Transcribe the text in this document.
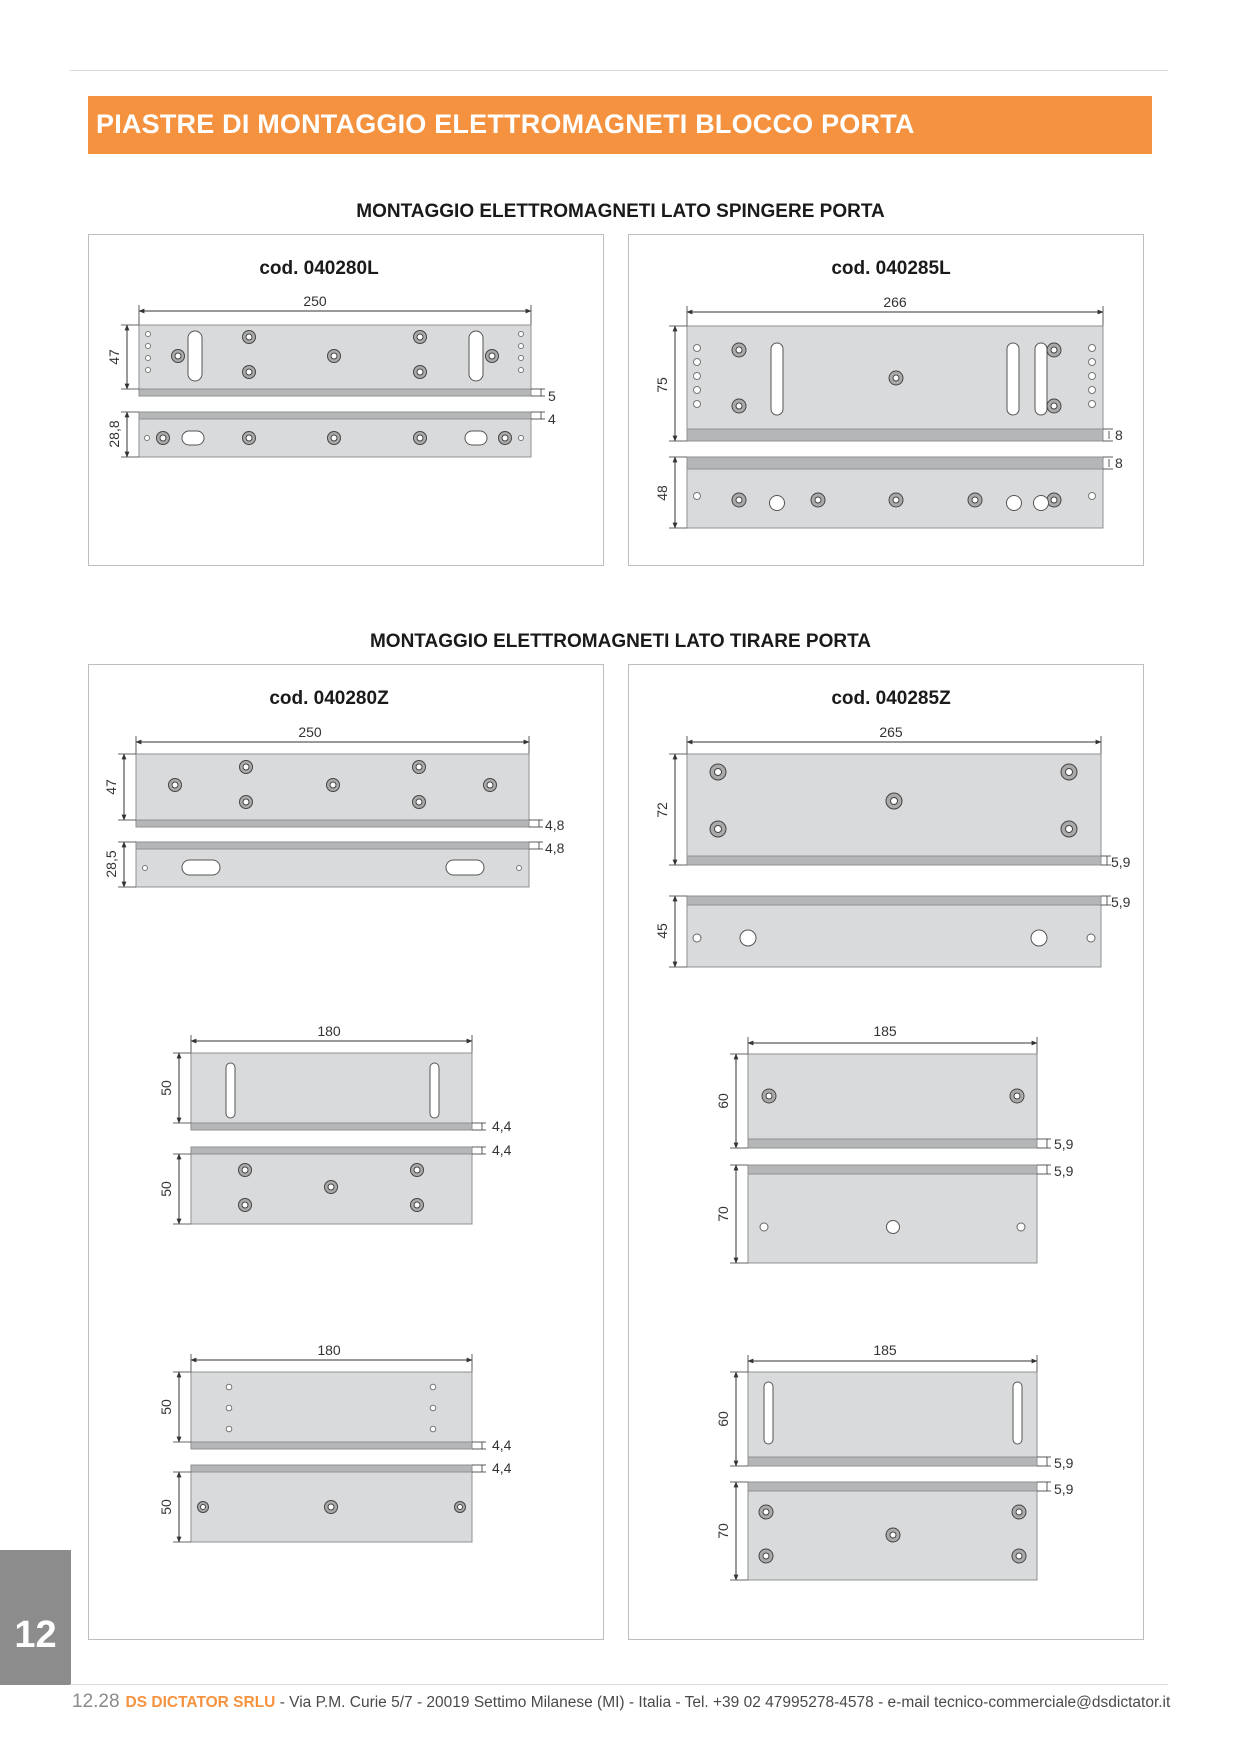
PIASTRE DI MONTAGGIO ELETTROMAGNETI BLOCCO PORTA
MONTAGGIO ELETTROMAGNETI LATO SPINGERE PORTA
cod. 040280L
250
47
28,8
5
4
cod. 040285L
266
75
48
8
8
MONTAGGIO ELETTROMAGNETI LATO TIRARE PORTA
cod. 040280Z
250
47
28,5
4,8
4,8
180
50
50
4,4
4,4
180
50
50
4,4
4,4
cod. 040285Z
265
72
45
5,9
5,9
185
60
70
5,9
5,9
185
60
70
5,9
5,9
12
12.28 DS DICTATOR SRLU - Via P.M. Curie 5/7 - 20019 Settimo Milanese (MI) - Italia - Tel. +39 02 47995278-4578 - e-mail tecnico-commerciale@dsdictator.it
